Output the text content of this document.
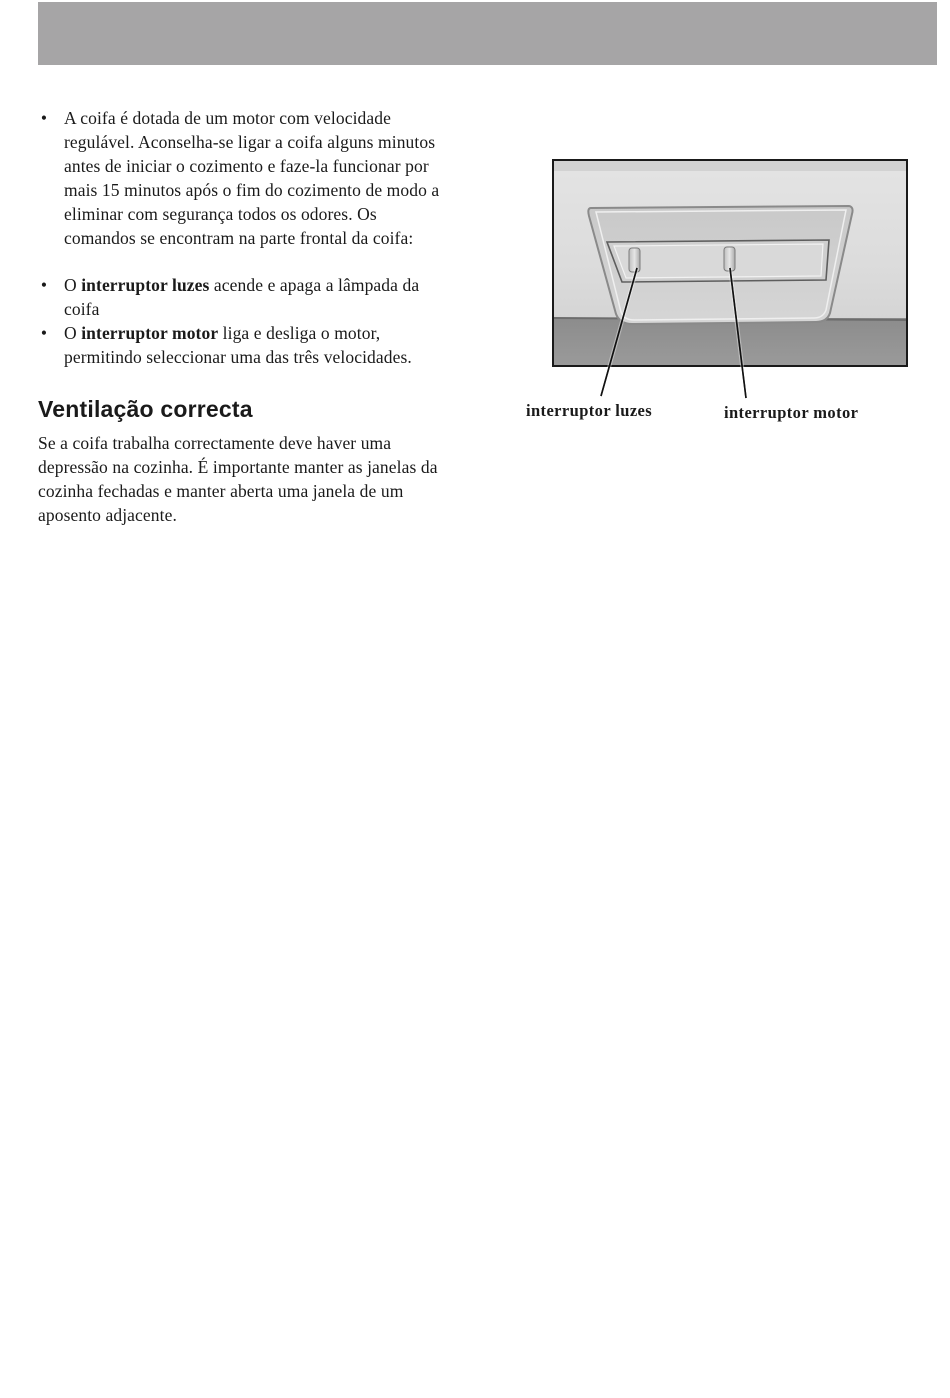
• A coifa é dotada de um motor com velocidade regulável. Aconselha-se ligar a coifa alguns minutos antes de iniciar o cozimento e faze-la funcionar por mais 15 minutos após o fim do cozimento de modo a eliminar com segurança todos os odores. Os comandos se encontram na parte frontal da coifa:
• O interruptor luzes acende e apaga a lâmpada da coifa
• O interruptor motor liga e desliga o motor, permitindo seleccionar uma das três velocidades.
Ventilação correcta

Se a coifa trabalha correctamente deve haver uma depressão na cozinha. É importante manter as janelas da cozinha fechadas e manter aberta uma janela de um aposento adjacente.

interruptor luzes	interruptor motor
